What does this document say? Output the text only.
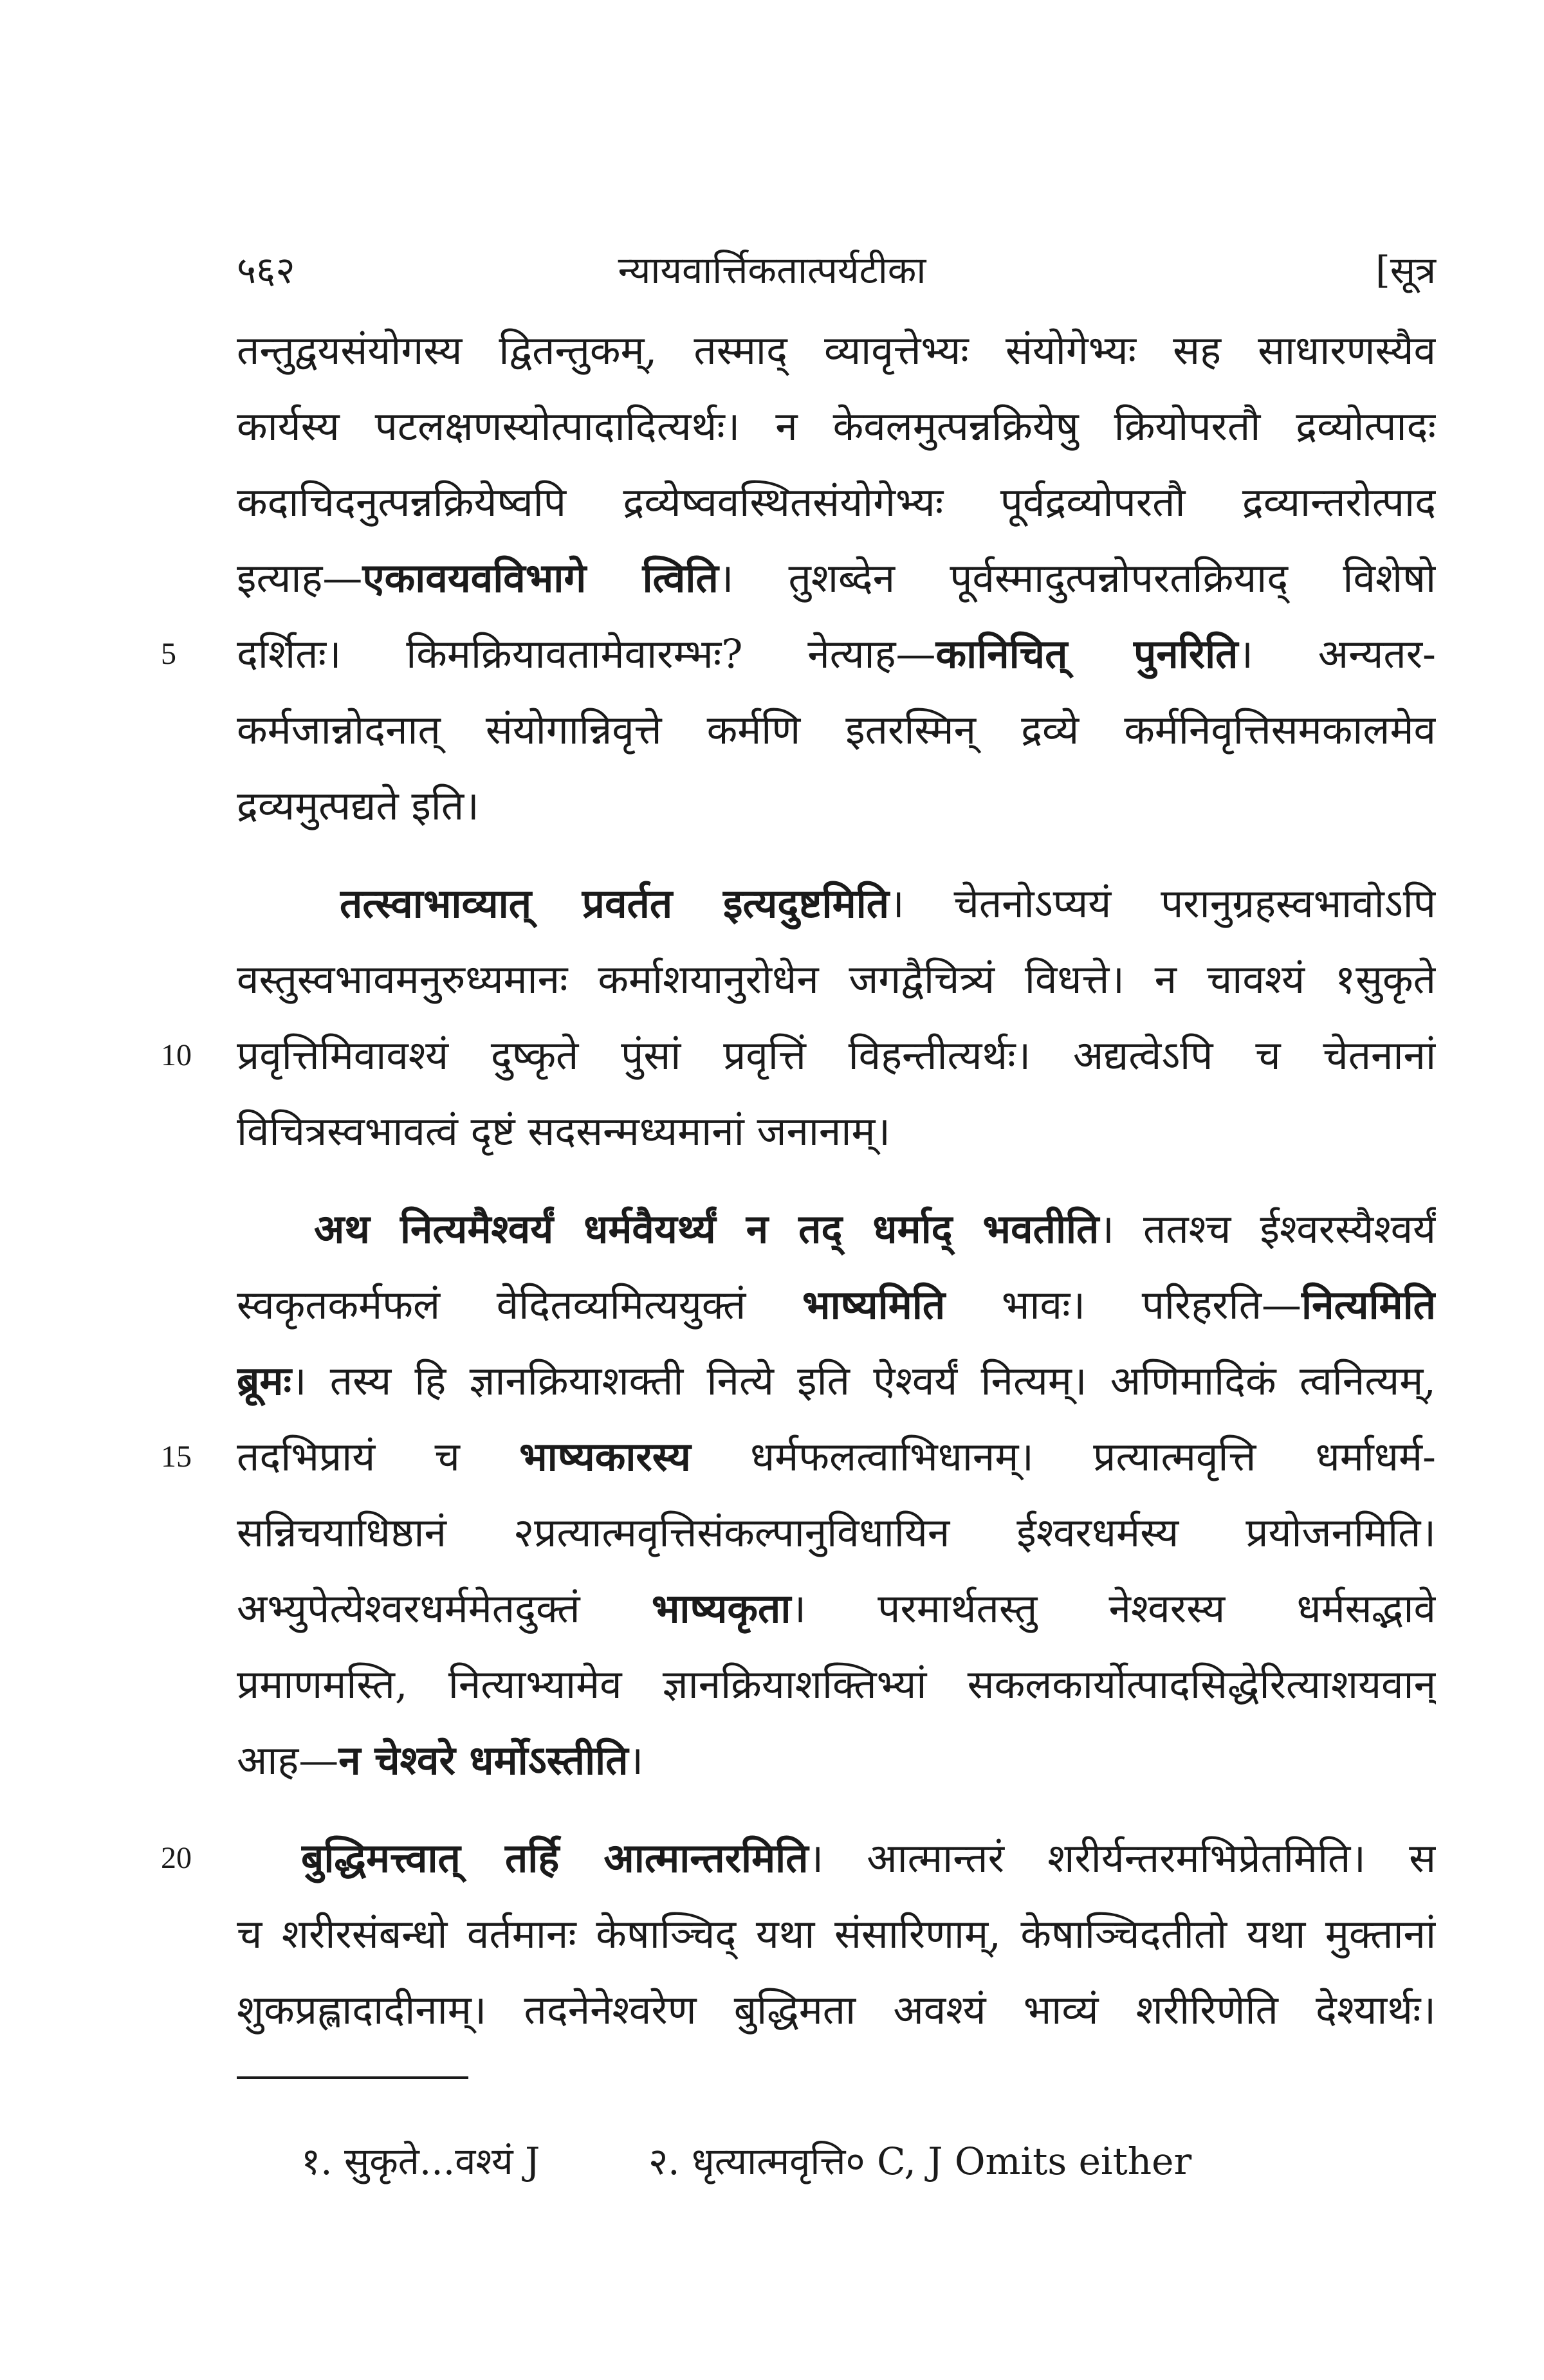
५६२	न्यायवार्त्तिकतात्पर्यटीका	[सूत्र
तन्तुद्वयसंयोगस्य द्वितन्तुकम्, तस्माद् व्यावृत्तेभ्यः संयोगेभ्यः सह साधारणस्यैव
कार्यस्य पटलक्षणस्योत्पादादित्यर्थः। न केवलमुत्पन्नक्रियेषु क्रियोपरतौ द्रव्योत्पादः
कदाचिदनुत्पन्नक्रियेष्वपि द्रव्येष्ववस्थितसंयोगेभ्यः पूर्वद्रव्योपरतौ द्रव्यान्तरोत्पाद
इत्याह—एकावयवविभागे त्विति। तुशब्देन पूर्वस्मादुत्पन्नोपरतक्रियाद् विशेषो
5	दर्शितः। किमक्रियावतामेवारम्भः? नेत्याह—कानिचित् पुनरिति। अन्यतर-
कर्मजान्नोदनात् संयोगान्निवृत्ते कर्मणि इतरस्मिन् द्रव्ये कर्मनिवृत्तिसमकालमेव
द्रव्यमुत्पद्यते इति।
तत्स्वाभाव्यात् प्रवर्तत इत्यदुष्टमिति। चेतनोऽप्ययं परानुग्रहस्वभावोऽपि
वस्तुस्वभावमनुरुध्यमानः कर्माशयानुरोधेन जगद्वैचित्र्यं विधत्ते। न चावश्यं १सुकृते
10	प्रवृत्तिमिवावश्यं दुष्कृते पुंसां प्रवृत्तिं विहन्तीत्यर्थः। अद्यत्वेऽपि च चेतनानां
विचित्रस्वभावत्वं दृष्टं सदसन्मध्यमानां जनानाम्।
अथ नित्यमैश्वर्यं धर्मवैयर्थ्यं न तद् धर्माद् भवतीति। ततश्च ईश्वरस्यैश्वर्यं
स्वकृतकर्मफलं वेदितव्यमित्ययुक्तं भाष्यमिति भावः। परिहरति—नित्यमिति
ब्रूमः। तस्य हि ज्ञानक्रियाशक्ती नित्ये इति ऐश्वर्यं नित्यम्। अणिमादिकं त्वनित्यम्,
15	तदभिप्रायं च भाष्यकारस्य धर्मफलत्वाभिधानम्। प्रत्यात्मवृत्ति धर्माधर्म-
सन्निचयाधिष्ठानं २प्रत्यात्मवृत्तिसंकल्पानुविधायिन ईश्वरधर्मस्य प्रयोजनमिति।
अभ्युपेत्येश्वरधर्ममेतदुक्तं भाष्यकृता। परमार्थतस्तु नेश्वरस्य धर्मसद्भावे
प्रमाणमस्ति, नित्याभ्यामेव ज्ञानक्रियाशक्तिभ्यां सकलकार्योत्पादसिद्धेरित्याशयवान्
आह—न चेश्वरे धर्मोऽस्तीति।
20	बुद्धिमत्त्वात् तर्हि आत्मान्तरमिति। आत्मान्तरं शरीर्यन्तरमभिप्रेतमिति। स
च शरीरसंबन्धो वर्तमानः केषाञ्चिद् यथा संसारिणाम्, केषाञ्चिदतीतो यथा मुक्तानां
शुकप्रह्लादादीनाम्। तदनेनेश्वरेण बुद्धिमता अवश्यं भाव्यं शरीरिणेति देश्यार्थः।
१. सुकृते...वश्यं J	२. धृत्यात्मवृत्ति० C, J Omits either
